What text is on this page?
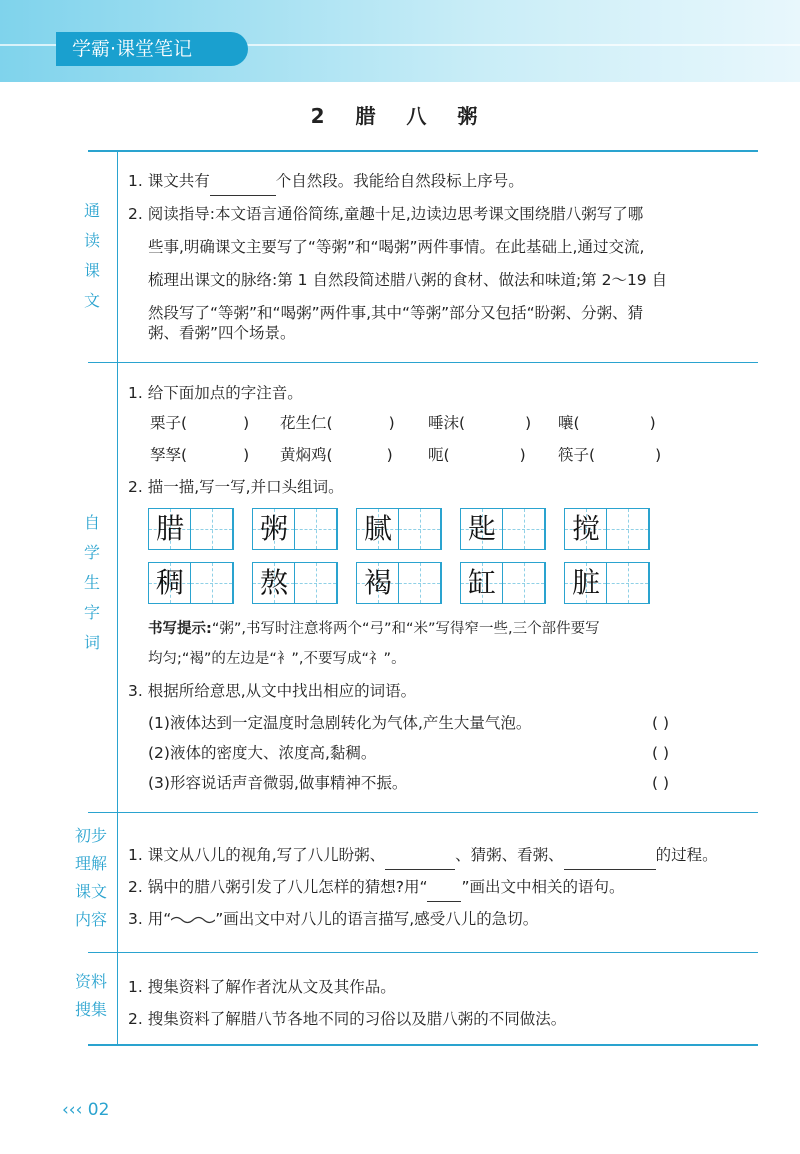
学霸·课堂笔记
2 腊 八 粥
通
读
课
文
1. 课文共有	个自然段。我能给自然段标上序号。
2. 阅读指导:本文语言通俗简练,童趣十足,边读边思考课文围绕腊八粥写了哪
些事,明确课文主要写了“等粥”和“喝粥”两件事情。在此基础上,通过交流,
梳理出课文的脉络:第 1 自然段简述腊八粥的食材、做法和味道;第 2～19 自
然段写了“等粥”和“喝粥”两件事,其中“等粥”部分又包括“盼粥、分粥、猜
粥、看粥”四个场景。
自
学
生
字
词
1. 给下面加点的字注音。
栗子(	) 花生仁(	) 唾沫(	) 嚷(	)
孥孥(	) 黄焖鸡(	) 呃(	) 筷子(	)
2. 描一描,写一写,并口头组词。
腊	粥	腻	匙	搅
稠	熬	褐	缸	脏
书写提示:“粥”,书写时注意将两个“弓”和“米”写得窄一些,三个部件要写
均匀;“褐”的左边是“衤”,不要写成“礻”。
3. 根据所给意思,从文中找出相应的词语。
(1)液体达到一定温度时急剧转化为气体,产生大量气泡。	( )
(2)液体的密度大、浓度高,黏稠。	( )
(3)形容说话声音微弱,做事精神不振。	( )
初步
理解
课文
内容
1. 课文从八儿的视角,写了八儿盼粥、	、猜粥、看粥、	的过程。
2. 锅中的腊八粥引发了八儿怎样的猜想?用“ ”画出文中相关的语句。
3. 用“	”画出文中对八儿的语言描写,感受八儿的急切。
资料
搜集
1. 搜集资料了解作者沈从文及其作品。
2. 搜集资料了解腊八节各地不同的习俗以及腊八粥的不同做法。
‹‹‹ 02
